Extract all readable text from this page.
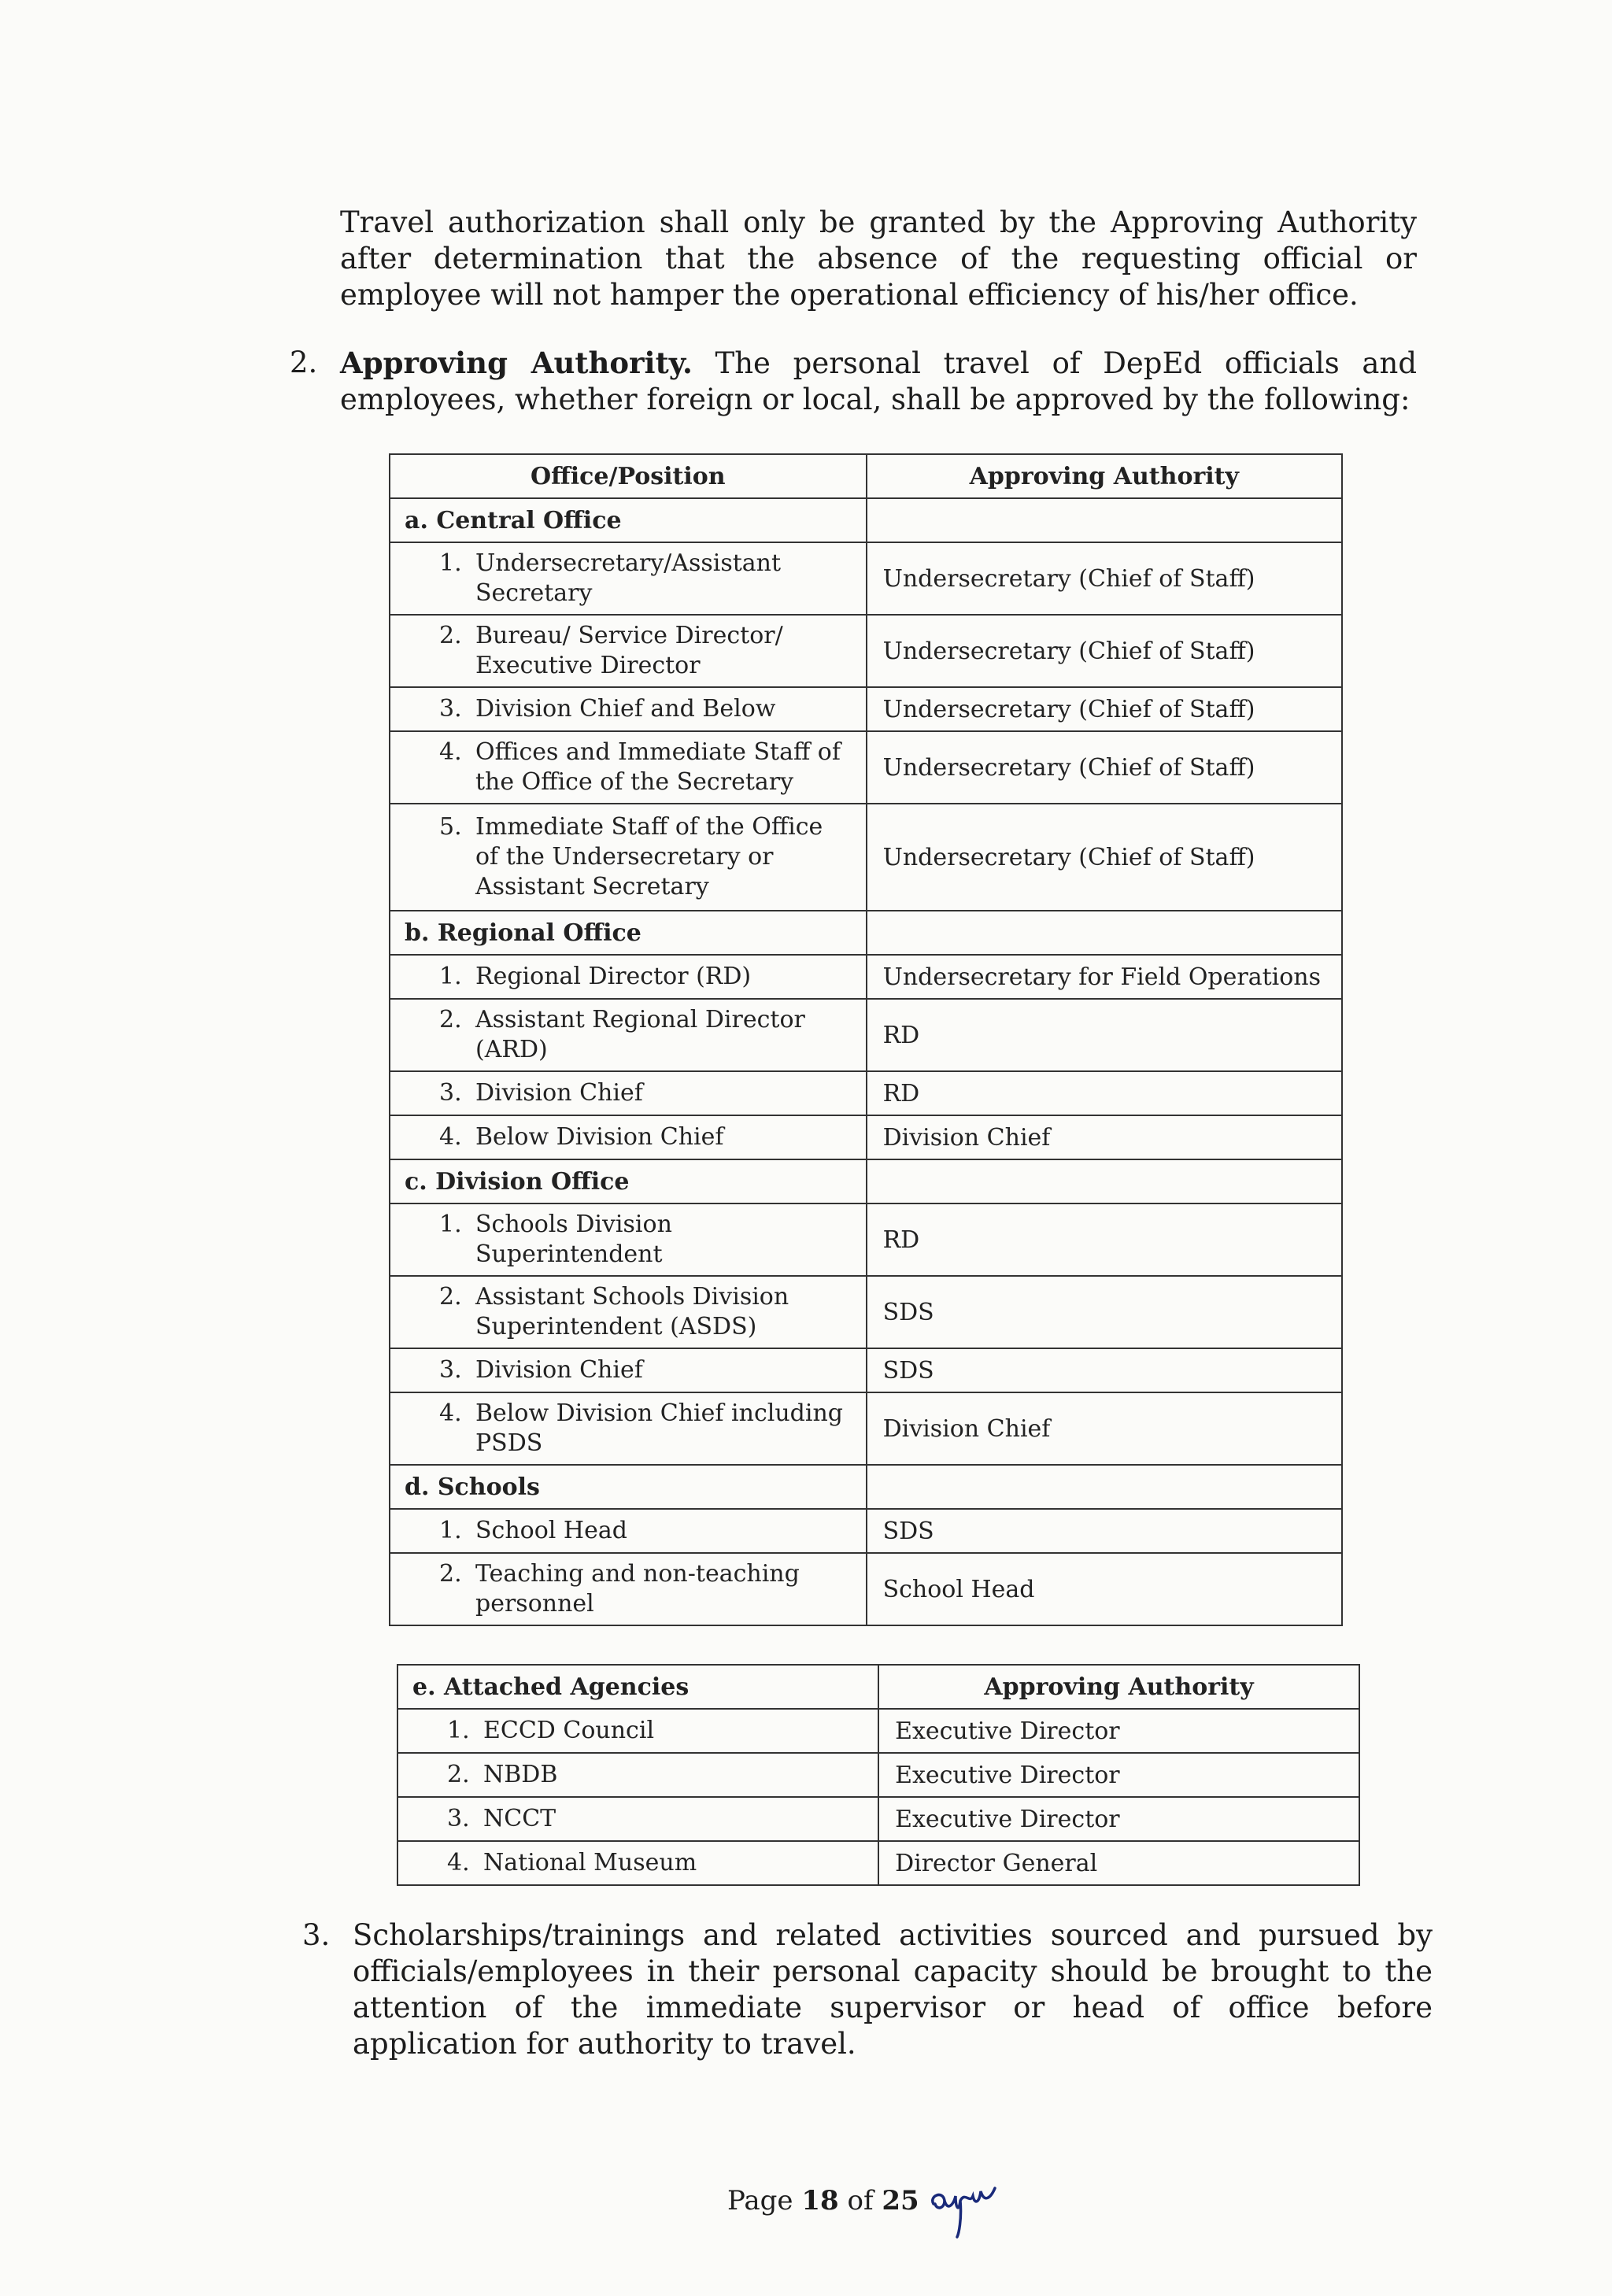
Travel authorization shall only be granted by the Approving Authority after determination that the absence of the requesting official or employee will not hamper the operational efficiency of his/her office.

2. Approving Authority. The personal travel of DepEd officials and employees, whether foreign or local, shall be approved by the following:
Office/Position	Approving Authority
a. Central Office	

1. Undersecretary/Assistant Secretary	Undersecretary (Chief of Staff)

2. Bureau/ Service Director/ Executive Director	Undersecretary (Chief of Staff)

3. Division Chief and Below	Undersecretary (Chief of Staff)

4. Offices and Immediate Staff of the Office of the Secretary	Undersecretary (Chief of Staff)

5. Immediate Staff of the Office of the Undersecretary or Assistant Secretary	Undersecretary (Chief of Staff)
b. Regional Office	

1. Regional Director (RD)	Undersecretary for Field Operations

2. Assistant Regional Director (ARD)	RD

3. Division Chief	RD

4. Below Division Chief	Division Chief
c. Division Office	

1. Schools Division Superintendent	RD

2. Assistant Schools Division Superintendent (ASDS)	SDS

3. Division Chief	SDS

4. Below Division Chief including PSDS	Division Chief
d. Schools	

1. School Head	SDS

2. Teaching and non-teaching personnel	School Head
e. Attached Agencies	Approving Authority

1. ECCD Council	Executive Director

2. NBDB	Executive Director

3. NCCT	Executive Director

4. National Museum	Director General
3. Scholarships/trainings and related activities sourced and pursued by officials/employees in their personal capacity should be brought to the attention of the immediate supervisor or head of office before application for authority to travel.
Page 18 of 25
